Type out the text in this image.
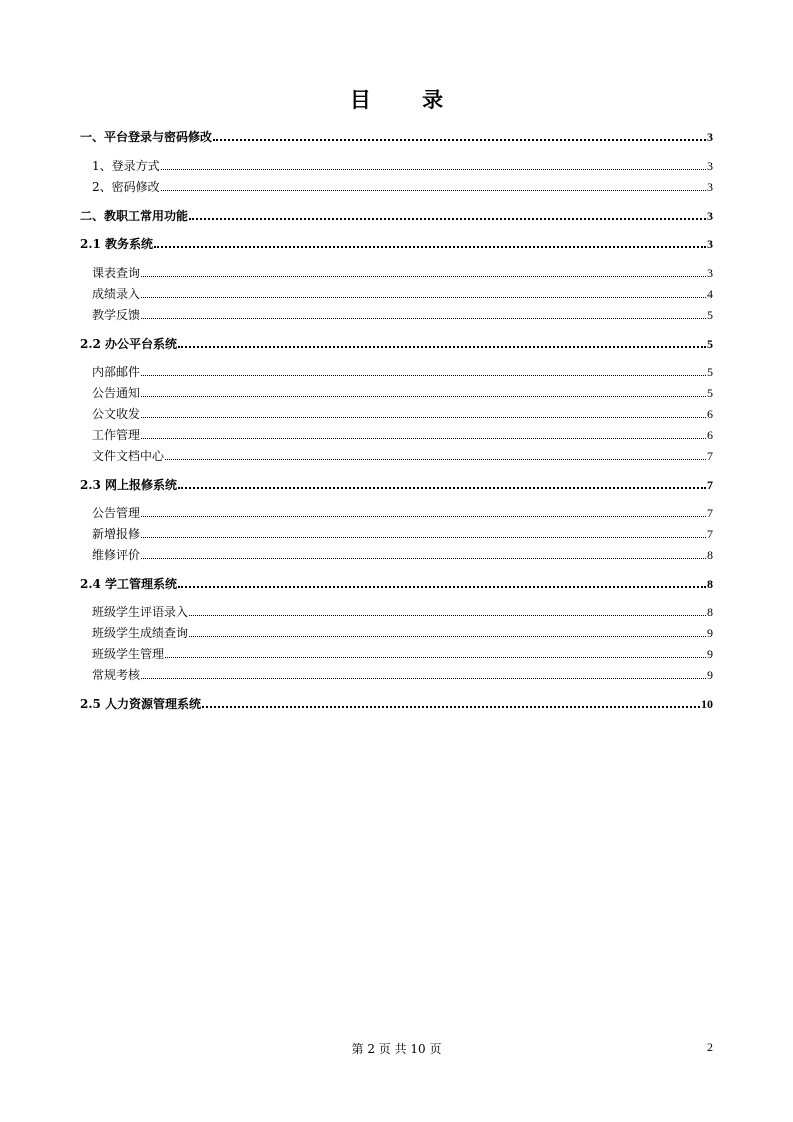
目 录
一、平台登录与密码修改	3
1、登录方式	3
2、密码修改	3
二、教职工常用功能	3
2.1 教务系统	3
课表查询	3
成绩录入	4
教学反馈	5
2.2 办公平台系统	5
内部邮件	5
公告通知	5
公文收发	6
工作管理	6
文件文档中心	7
2.3 网上报修系统	7
公告管理	7
新增报修	7
维修评价	8
2.4 学工管理系统	8
班级学生评语录入	8
班级学生成绩查询	9
班级学生管理	9
常规考核	9
2.5 人力资源管理系统	10
第 2 页 共 10 页	2
